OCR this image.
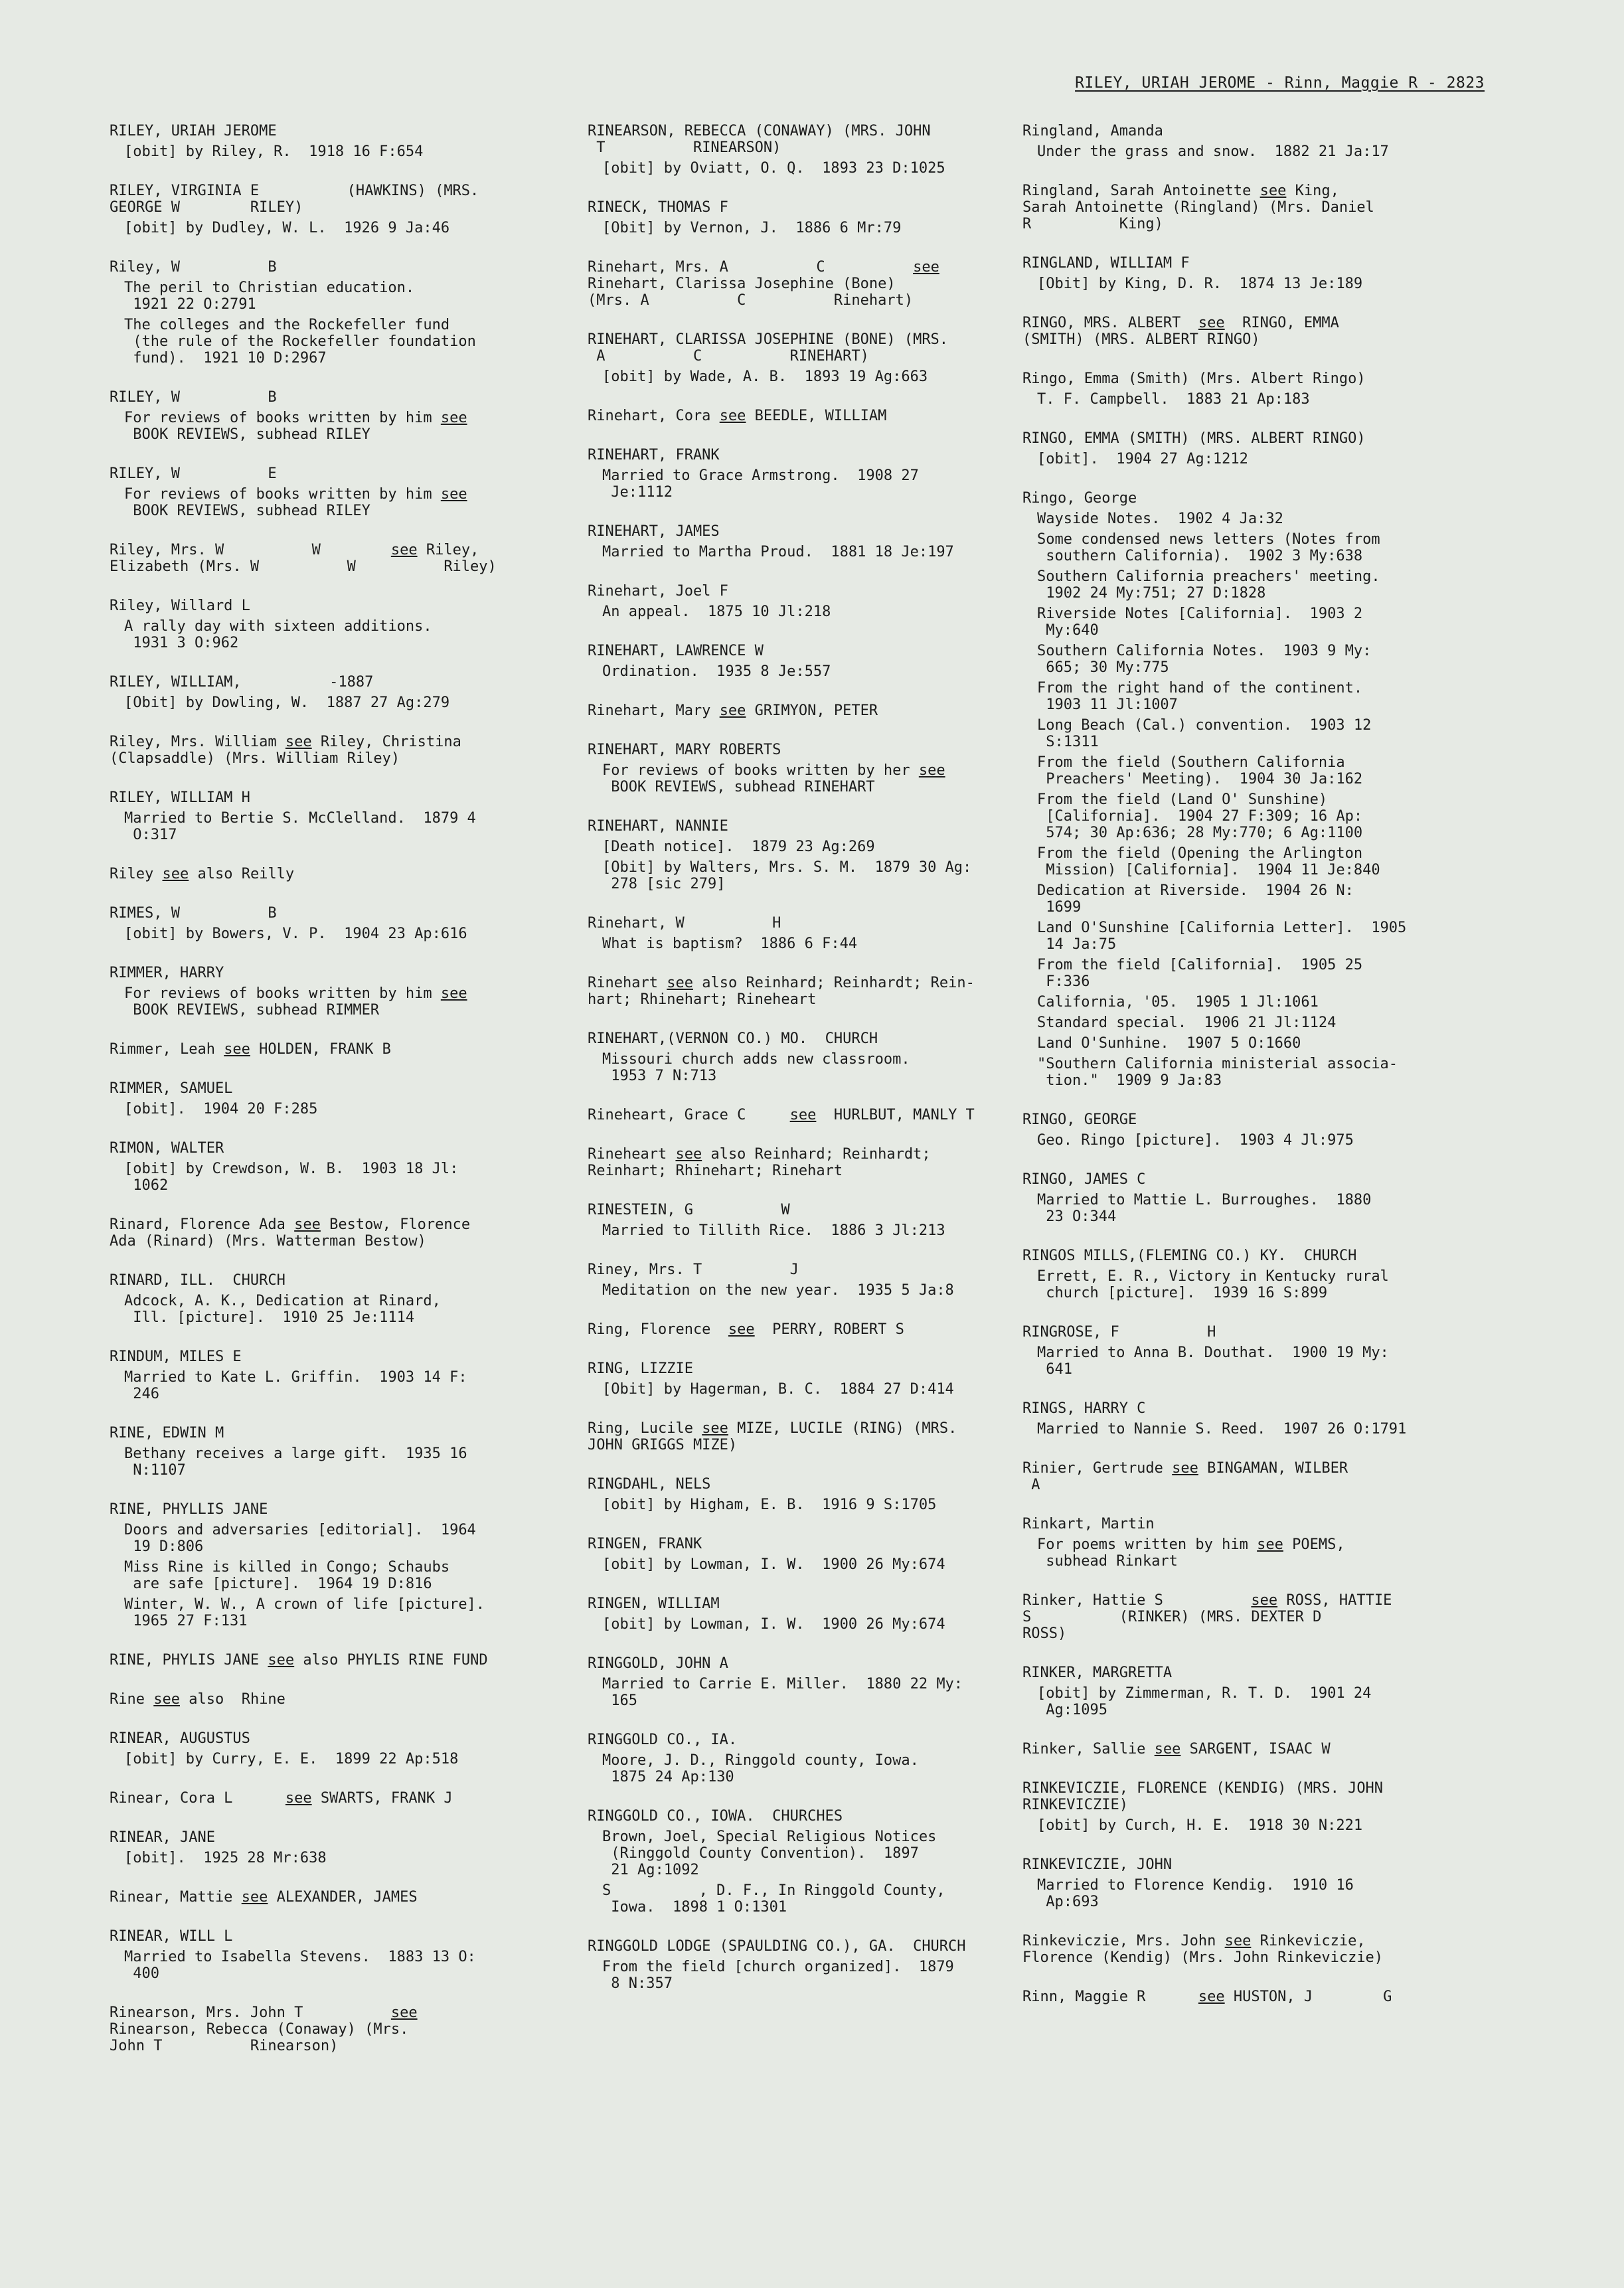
RILEY, URIAH JEROME - Rinn, Maggie R - 2823
RILEY, URIAH JEROME
[obit] by Riley, R.  1918 16 F:654
RILEY, VIRGINIA E          (HAWKINS) (MRS.
GEORGE W        RILEY)
[obit] by Dudley, W. L.  1926 9 Ja:46
Riley, W          B
The peril to Christian education.
1921 22 O:2791
The colleges and the Rockefeller fund
(the rule of the Rockefeller foundation
fund).  1921 10 D:2967
RILEY, W          B
For reviews of books written by him see
BOOK REVIEWS, subhead RILEY
RILEY, W          E
For reviews of books written by him see
BOOK REVIEWS, subhead RILEY
Riley, Mrs. W          W        see Riley,
Elizabeth (Mrs. W          W          Riley)
Riley, Willard L
A rally day with sixteen additions.
1931 3 O:962
RILEY, WILLIAM,          -1887
[Obit] by Dowling, W.  1887 27 Ag:279
Riley, Mrs. William see Riley, Christina
(Clapsaddle) (Mrs. William Riley)
RILEY, WILLIAM H
Married to Bertie S. McClelland.  1879 4
O:317
Riley see also Reilly
RIMES, W          B
[obit] by Bowers, V. P.  1904 23 Ap:616
RIMMER, HARRY
For reviews of books written by him see
BOOK REVIEWS, subhead RIMMER
Rimmer, Leah see HOLDEN, FRANK B
RIMMER, SAMUEL
[obit].  1904 20 F:285
RIMON, WALTER
[obit] by Crewdson, W. B.  1903 18 Jl:
1062
Rinard, Florence Ada see Bestow, Florence
Ada (Rinard) (Mrs. Watterman Bestow)
RINARD, ILL.  CHURCH
Adcock, A. K., Dedication at Rinard,
Ill. [picture].  1910 25 Je:1114
RINDUM, MILES E
Married to Kate L. Griffin.  1903 14 F:
246
RINE, EDWIN M
Bethany receives a large gift.  1935 16
N:1107
RINE, PHYLLIS JANE
Doors and adversaries [editorial].  1964
19 D:806
Miss Rine is killed in Congo; Schaubs
are safe [picture].  1964 19 D:816
Winter, W. W., A crown of life [picture].
1965 27 F:131
RINE, PHYLIS JANE see also PHYLIS RINE FUND
Rine see also  Rhine
RINEAR, AUGUSTUS
[obit] by Curry, E. E.  1899 22 Ap:518
Rinear, Cora L      see SWARTS, FRANK J
RINEAR, JANE
[obit].  1925 28 Mr:638
Rinear, Mattie see ALEXANDER, JAMES
RINEAR, WILL L
Married to Isabella Stevens.  1883 13 O:
400
Rinearson, Mrs. John T          see
Rinearson, Rebecca (Conaway) (Mrs.
John T          Rinearson)
RINEARSON, REBECCA (CONAWAY) (MRS. JOHN
T          RINEARSON)
[obit] by Oviatt, O. Q.  1893 23 D:1025
RINECK, THOMAS F
[Obit] by Vernon, J.  1886 6 Mr:79
Rinehart, Mrs. A          C          see
Rinehart, Clarissa Josephine (Bone)
(Mrs. A          C          Rinehart)
RINEHART, CLARISSA JOSEPHINE (BONE) (MRS.
A          C          RINEHART)
[obit] by Wade, A. B.  1893 19 Ag:663
Rinehart, Cora see BEEDLE, WILLIAM
RINEHART, FRANK
Married to Grace Armstrong.  1908 27
Je:1112
RINEHART, JAMES
Married to Martha Proud.  1881 18 Je:197
Rinehart, Joel F
An appeal.  1875 10 Jl:218
RINEHART, LAWRENCE W
Ordination.  1935 8 Je:557
Rinehart, Mary see GRIMYON, PETER
RINEHART, MARY ROBERTS
For reviews of books written by her see
BOOK REVIEWS, subhead RINEHART
RINEHART, NANNIE
[Death notice].  1879 23 Ag:269
[Obit] by Walters, Mrs. S. M.  1879 30 Ag:
278 [sic 279]
Rinehart, W          H
What is baptism?  1886 6 F:44
Rinehart see also Reinhard; Reinhardt; Rein-
hart; Rhinehart; Rineheart
RINEHART,(VERNON CO.) MO.  CHURCH
Missouri church adds new classroom.
1953 7 N:713
Rineheart, Grace C     see  HURLBUT, MANLY T
Rineheart see also Reinhard; Reinhardt;
Reinhart; Rhinehart; Rinehart
RINESTEIN, G          W
Married to Tillith Rice.  1886 3 Jl:213
Riney, Mrs. T          J
Meditation on the new year.  1935 5 Ja:8
Ring, Florence  see  PERRY, ROBERT S
RING, LIZZIE
[Obit] by Hagerman, B. C.  1884 27 D:414
Ring, Lucile see MIZE, LUCILE (RING) (MRS.
JOHN GRIGGS MIZE)
RINGDAHL, NELS
[obit] by Higham, E. B.  1916 9 S:1705
RINGEN, FRANK
[obit] by Lowman, I. W.  1900 26 My:674
RINGEN, WILLIAM
[obit] by Lowman, I. W.  1900 26 My:674
RINGGOLD, JOHN A
Married to Carrie E. Miller.  1880 22 My:
165
RINGGOLD CO., IA.
Moore, J. D., Ringgold county, Iowa.
1875 24 Ap:130
RINGGOLD CO., IOWA.  CHURCHES
Brown, Joel, Special Religious Notices
(Ringgold County Convention).  1897
21 Ag:1092
S          , D. F., In Ringgold County,
Iowa.  1898 1 O:1301
RINGGOLD LODGE (SPAULDING CO.), GA.  CHURCH
From the field [church organized].  1879
8 N:357
Ringland, Amanda
Under the grass and snow.  1882 21 Ja:17
Ringland, Sarah Antoinette see King,
Sarah Antoinette (Ringland) (Mrs. Daniel
R          King)
RINGLAND, WILLIAM F
[Obit] by King, D. R.  1874 13 Je:189
RINGO, MRS. ALBERT  see  RINGO, EMMA
(SMITH) (MRS. ALBERT RINGO)
Ringo, Emma (Smith) (Mrs. Albert Ringo)
T. F. Campbell.  1883 21 Ap:183
RINGO, EMMA (SMITH) (MRS. ALBERT RINGO)
[obit].  1904 27 Ag:1212
Ringo, George
Wayside Notes.  1902 4 Ja:32
Some condensed news letters (Notes from
southern California).  1902 3 My:638
Southern California preachers' meeting.
1902 24 My:751; 27 D:1828
Riverside Notes [California].  1903 2
My:640
Southern California Notes.  1903 9 My:
665; 30 My:775
From the right hand of the continent.
1903 11 Jl:1007
Long Beach (Cal.) convention.  1903 12
S:1311
From the field (Southern California
Preachers' Meeting).  1904 30 Ja:162
From the field (Land O' Sunshine)
[California].  1904 27 F:309; 16 Ap:
574; 30 Ap:636; 28 My:770; 6 Ag:1100
From the field (Opening the Arlington
Mission) [California].  1904 11 Je:840
Dedication at Riverside.  1904 26 N:
1699
Land O'Sunshine [California Letter].  1905
14 Ja:75
From the field [California].  1905 25
F:336
California, '05.  1905 1 Jl:1061
Standard special.  1906 21 Jl:1124
Land O'Sunhine.  1907 5 O:1660
"Southern California ministerial associa-
tion."  1909 9 Ja:83
RINGO, GEORGE
Geo. Ringo [picture].  1903 4 Jl:975
RINGO, JAMES C
Married to Mattie L. Burroughes.  1880
23 O:344
RINGOS MILLS,(FLEMING CO.) KY.  CHURCH
Errett, E. R., Victory in Kentucky rural
church [picture].  1939 16 S:899
RINGROSE, F          H
Married to Anna B. Douthat.  1900 19 My:
641
RINGS, HARRY C
Married to Nannie S. Reed.  1907 26 O:1791
Rinier, Gertrude see BINGAMAN, WILBER
A
Rinkart, Martin
For poems written by him see POEMS,
subhead Rinkart
Rinker, Hattie S          see ROSS, HATTIE
S          (RINKER) (MRS. DEXTER D
ROSS)
RINKER, MARGRETTA
[obit] by Zimmerman, R. T. D.  1901 24
Ag:1095
Rinker, Sallie see SARGENT, ISAAC W
RINKEVICZIE, FLORENCE (KENDIG) (MRS. JOHN
RINKEVICZIE)
[obit] by Curch, H. E.  1918 30 N:221
RINKEVICZIE, JOHN
Married to Florence Kendig.  1910 16
Ap:693
Rinkeviczie, Mrs. John see Rinkeviczie,
Florence (Kendig) (Mrs. John Rinkeviczie)
Rinn, Maggie R      see HUSTON, J        G
